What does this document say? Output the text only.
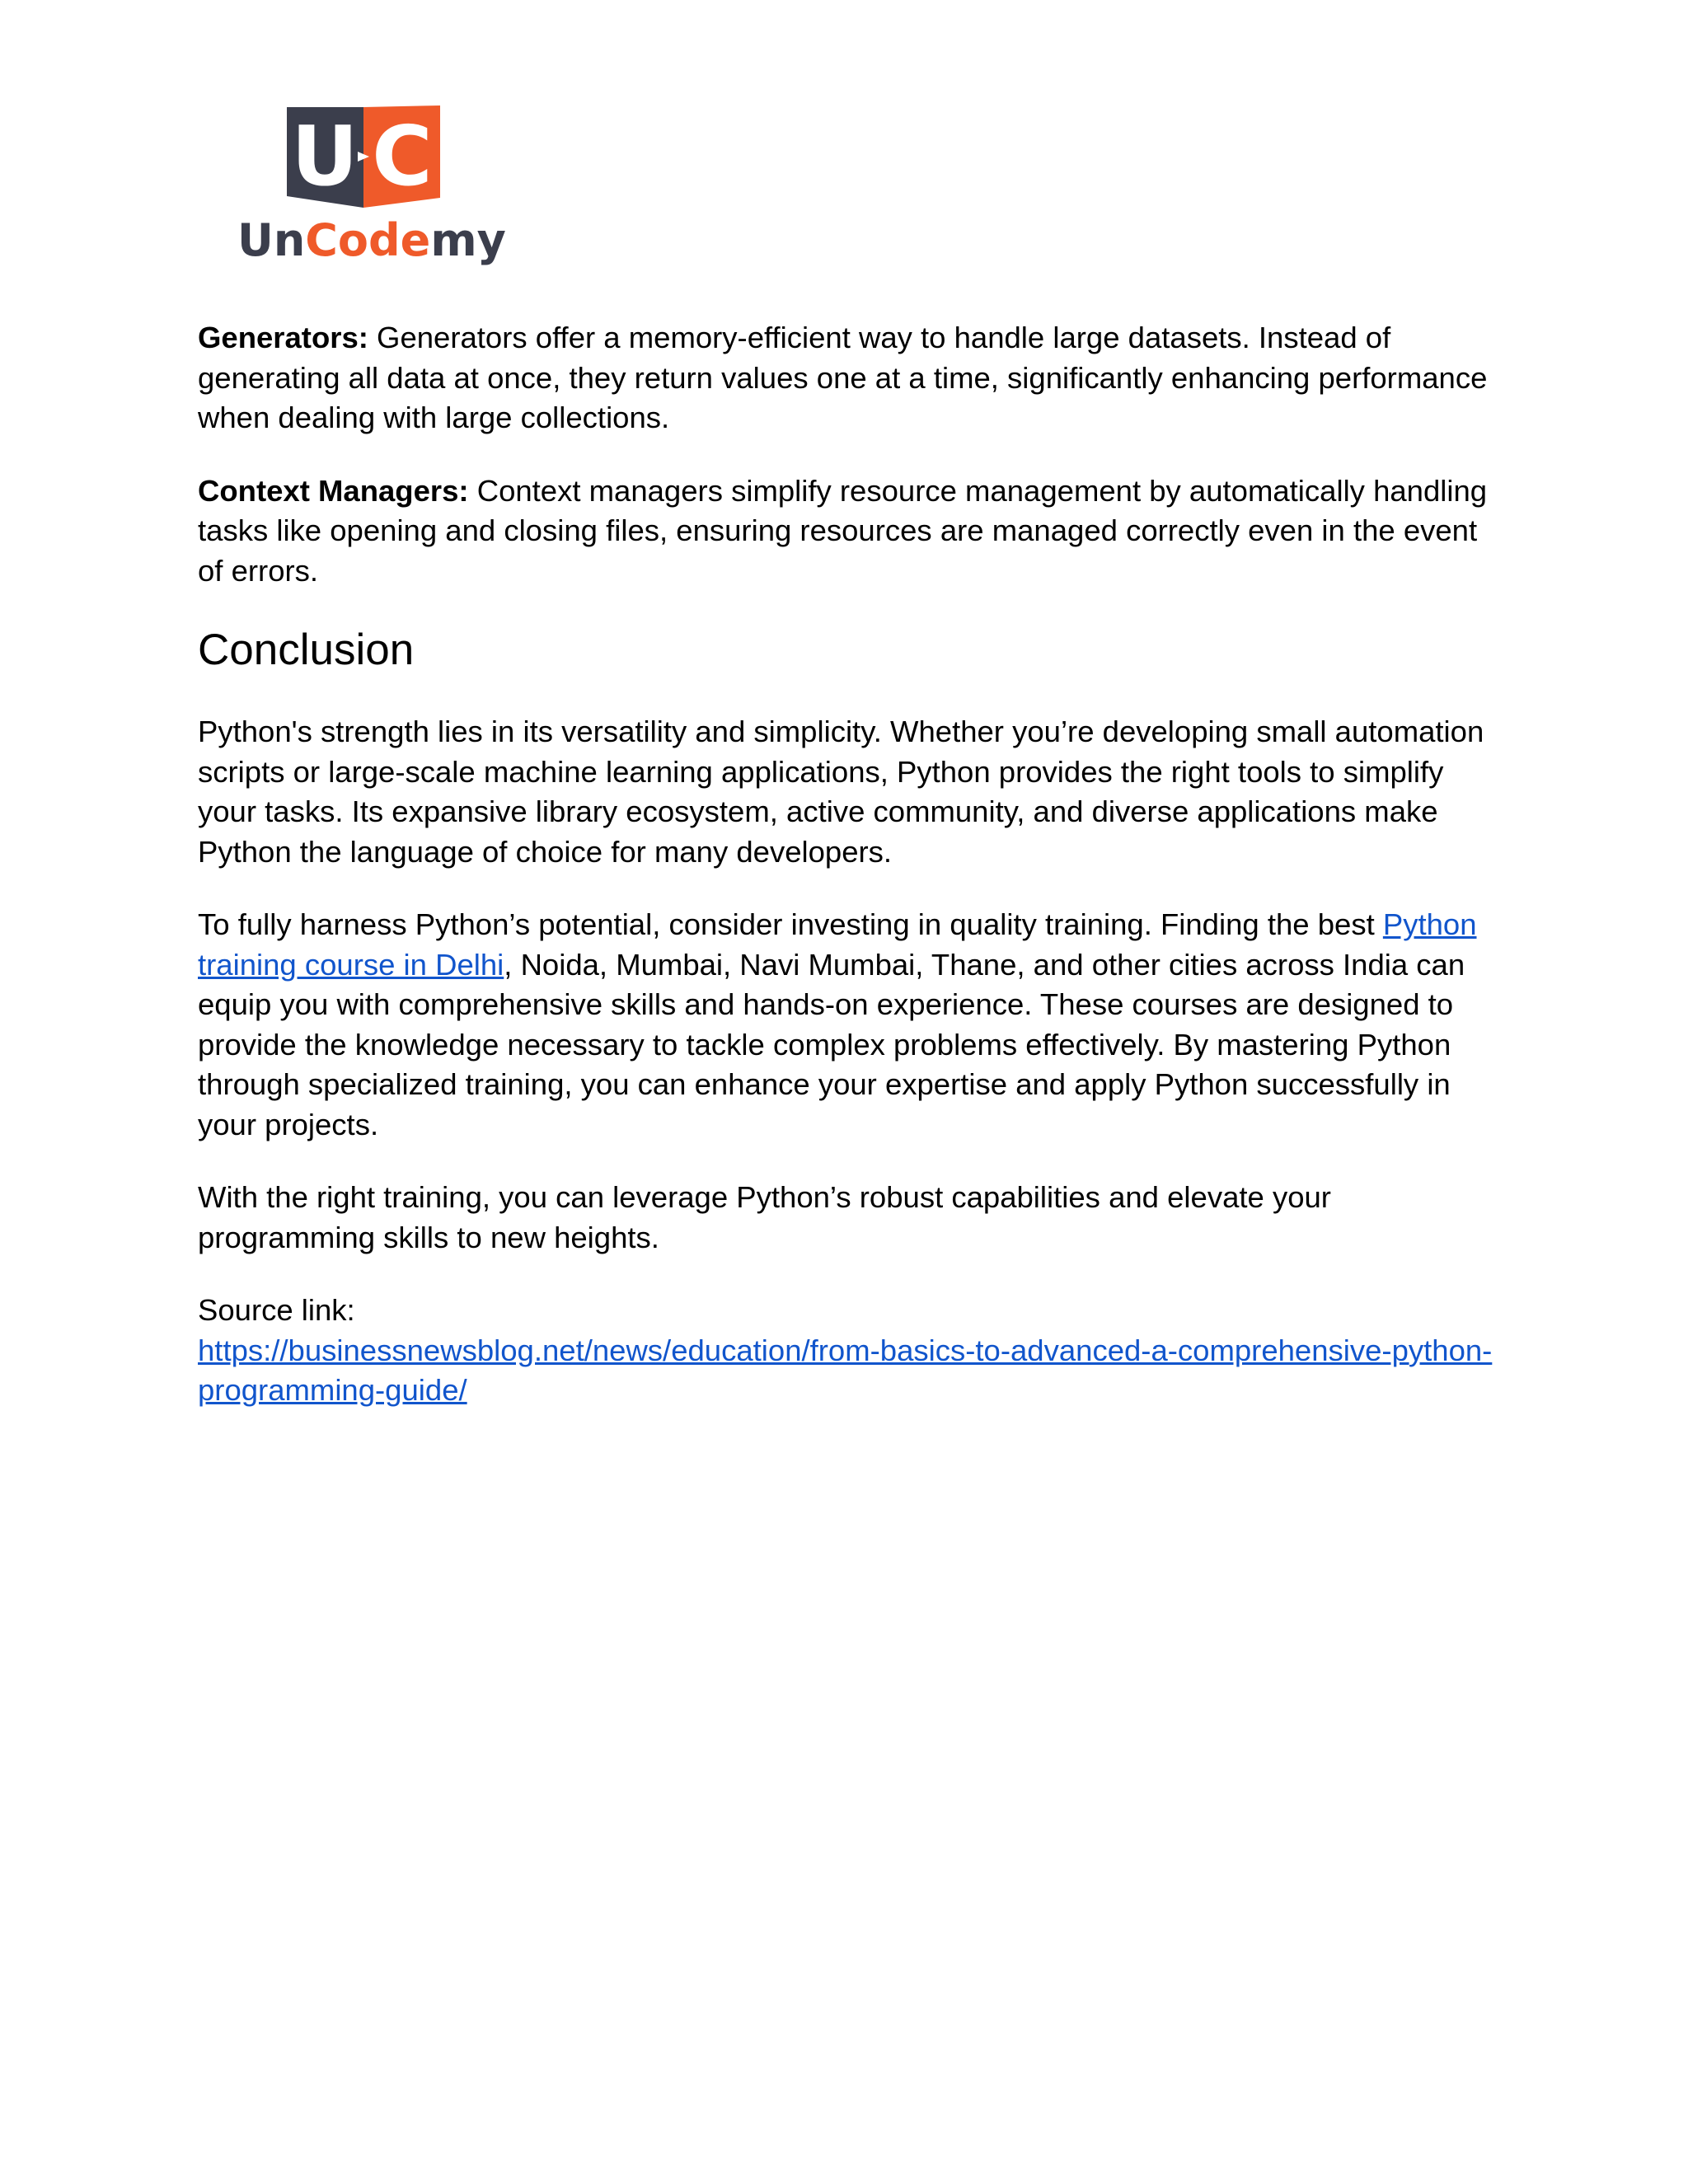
U C
UnCodemy

Generators: Generators offer a memory-efficient way to handle large datasets. Instead of generating all data at once, they return values one at a time, significantly enhancing performance when dealing with large collections.

Context Managers: Context managers simplify resource management by automatically handling tasks like opening and closing files, ensuring resources are managed correctly even in the event of errors.

Conclusion

Python's strength lies in its versatility and simplicity. Whether you’re developing small automation scripts or large-scale machine learning applications, Python provides the right tools to simplify your tasks. Its expansive library ecosystem, active community, and diverse applications make Python the language of choice for many developers.

To fully harness Python’s potential, consider investing in quality training. Finding the best Python training course in Delhi, Noida, Mumbai, Navi Mumbai, Thane, and other cities across India can equip you with comprehensive skills and hands-on experience. These courses are designed to provide the knowledge necessary to tackle complex problems effectively. By mastering Python through specialized training, you can enhance your expertise and apply Python successfully in your projects.

With the right training, you can leverage Python’s robust capabilities and elevate your programming skills to new heights.

Source link:
https://businessnewsblog.net/news/education/from-basics-to-advanced-a-comprehensive-python-programming-guide/
